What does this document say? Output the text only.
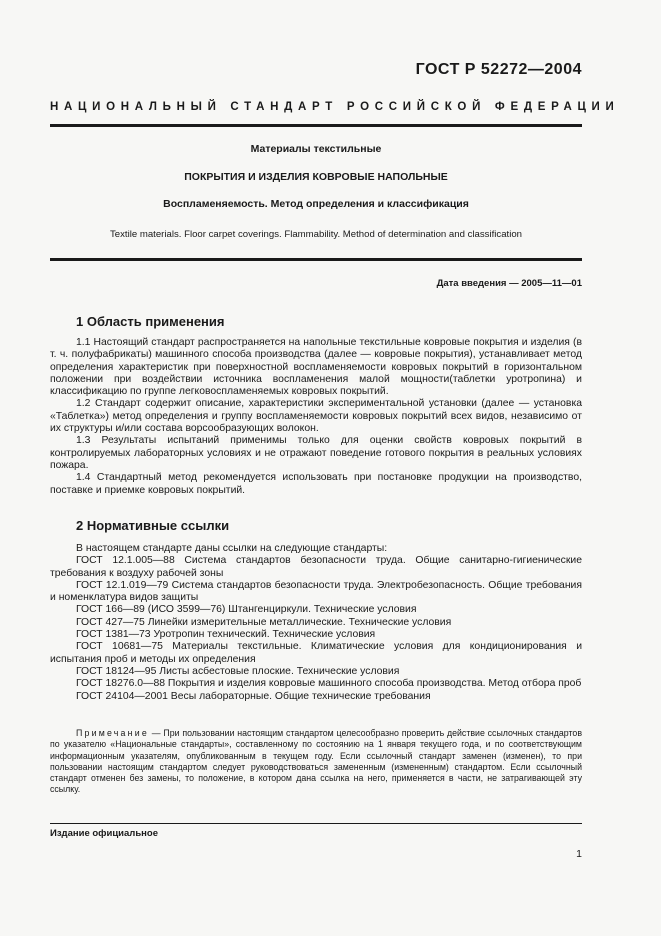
ГОСТ Р 52272—2004
НАЦИОНАЛЬНЫЙ СТАНДАРТ РОССИЙСКОЙ ФЕДЕРАЦИИ
Материалы текстильные
ПОКРЫТИЯ И ИЗДЕЛИЯ КОВРОВЫЕ НАПОЛЬНЫЕ
Воспламеняемость. Метод определения и классификация
Textile materials. Floor carpet coverings. Flammability. Method of determination and classification
Дата введения — 2005—11—01
1 Область применения

1.1 Настоящий стандарт распространяется на напольные текстильные ковровые покрытия и изделия (в т. ч. полуфабрикаты) машинного способа производства (далее — ковровые покрытия), устанавливает метод определения характеристик при поверхностной воспламеняемости ковровых покрытий в горизонтальном положении при воздействии источника воспламенения малой мощности(таблетки уротропина) и классификацию по группе легковоспламеняемых ковровых покрытий.

1.2 Стандарт содержит описание, характеристики экспериментальной установки (далее — установка «Таблетка») метод определения и группу воспламеняемости ковровых покрытий всех видов, независимо от их структуры и/или состава ворсообразующих волокон.

1.3 Результаты испытаний применимы только для оценки свойств ковровых покрытий в контролируемых лабораторных условиях и не отражают поведение готового покрытия в реальных условиях пожара.

1.4 Стандартный метод рекомендуется использовать при постановке продукции на производство, поставке и приемке ковровых покрытий.

2 Нормативные ссылки

В настоящем стандарте даны ссылки на следующие стандарты:

ГОСТ 12.1.005—88 Система стандартов безопасности труда. Общие санитарно-гигиенические требования к воздуху рабочей зоны

ГОСТ 12.1.019—79 Система стандартов безопасности труда. Электробезопасность. Общие требования и номенклатура видов защиты

ГОСТ 166—89 (ИСО 3599—76) Штангенциркули. Технические условия

ГОСТ 427—75 Линейки измерительные металлические. Технические условия

ГОСТ 1381—73 Уротропин технический. Технические условия

ГОСТ 10681—75 Материалы текстильные. Климатические условия для кондиционирования и испытания проб и методы их определения

ГОСТ 18124—95 Листы асбестовые плоские. Технические условия

ГОСТ 18276.0—88 Покрытия и изделия ковровые машинного способа производства. Метод отбора проб

ГОСТ 24104—2001 Весы лабораторные. Общие технические требования

Примечание — При пользовании настоящим стандартом целесообразно проверить действие ссылочных стандартов по указателю «Национальные стандарты», составленному по состоянию на 1 января текущего года, и по соответствующим информационным указателям, опубликованным в текущем году. Если ссылочный стандарт заменен (изменен), то при пользовании настоящим стандартом следует руководствоваться замененным (измененным) стандартом. Если ссылочный стандарт отменен без замены, то положение, в котором дана ссылка на него, применяется в части, не затрагивающей эту ссылку.
Издание официальное
1
